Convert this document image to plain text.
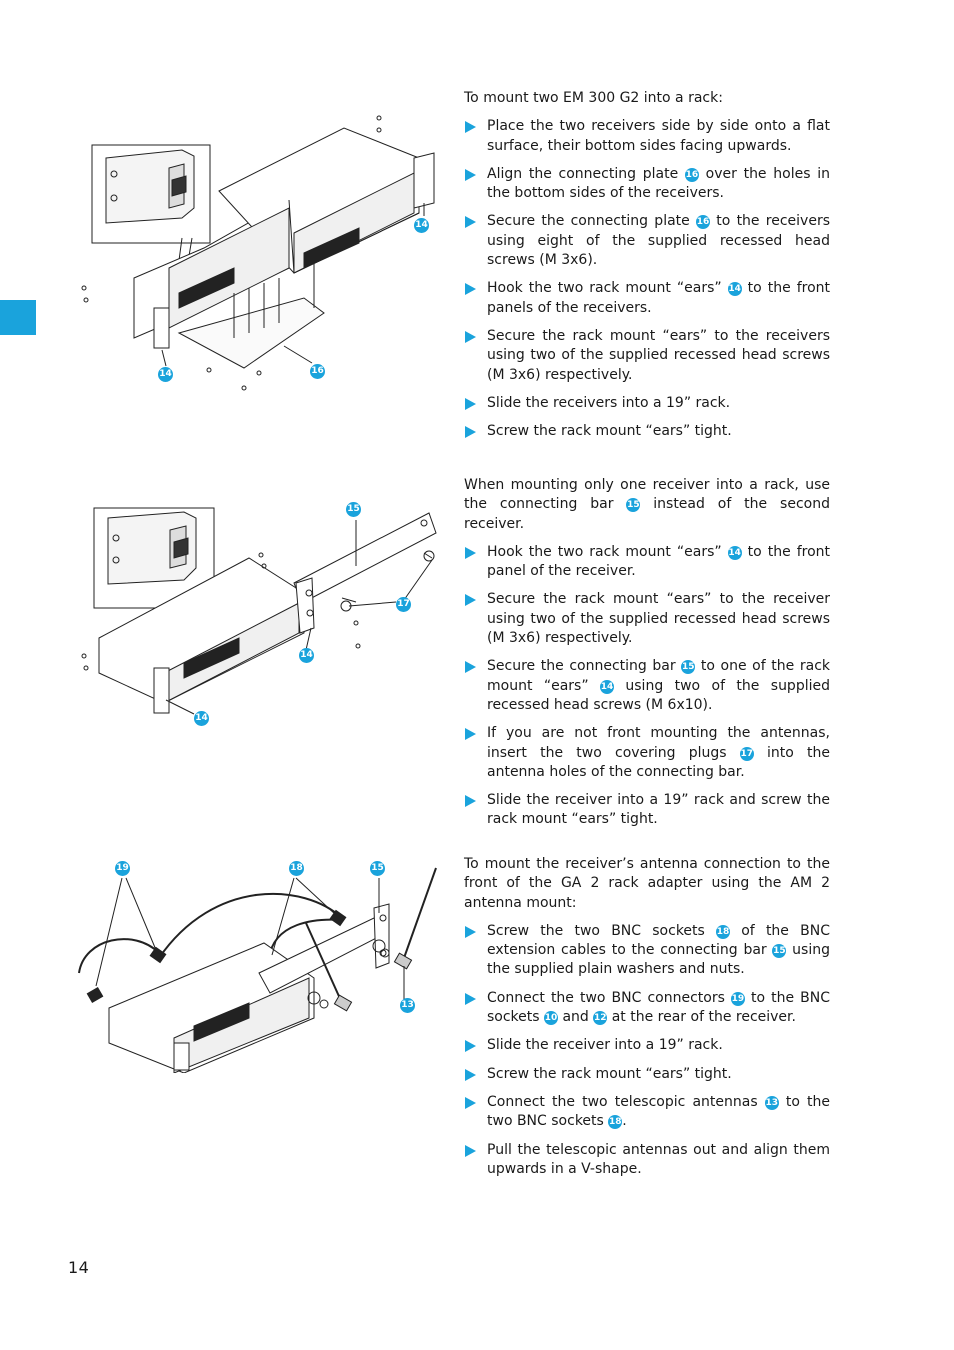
14
14
16
15
17
14
14
19	18	15
13

To mount two EM 300 G2 into a rack:

Place the two receivers side by side onto a flat surface, their bottom sides facing upwards.
Align the connecting plate 16 over the holes in the bottom sides of the receivers.
Secure the connecting plate 16 to the receivers using eight of the supplied recessed head screws (M 3x6).
Hook the two rack mount “ears” 14 to the front panels of the receivers.
Secure the rack mount “ears” to the receivers using two of the supplied recessed head screws (M 3x6) respectively.
Slide the receivers into a 19” rack.
Screw the rack mount “ears” tight.

When mounting only one receiver into a rack, use the connecting bar 15 instead of the second receiver.

Hook the two rack mount “ears” 14 to the front panel of the receiver.
Secure the rack mount “ears” to the receiver using two of the supplied recessed head screws (M 3x6) respectively.
Secure the connecting bar 15 to one of the rack mount “ears” 14 using two of the supplied recessed head screws (M 6x10).
If you are not front mounting the antennas, insert the two covering plugs 17 into the antenna holes of the connecting bar.
Slide the receiver into a 19” rack and screw the rack mount “ears” tight.

To mount the receiver’s antenna connection to the front of the GA 2 rack adapter using the AM 2 antenna mount:

Screw the two BNC sockets 18 of the BNC extension cables to the connecting bar 15 using the supplied plain washers and nuts.
Connect the two BNC connectors 19 to the BNC sockets 10 and 12 at the rear of the receiver.
Slide the receiver into a 19” rack.
Screw the rack mount “ears” tight.
Connect the two telescopic antennas 13 to the two BNC sockets 18.
Pull the telescopic antennas out and align them upwards in a V-shape.
14
